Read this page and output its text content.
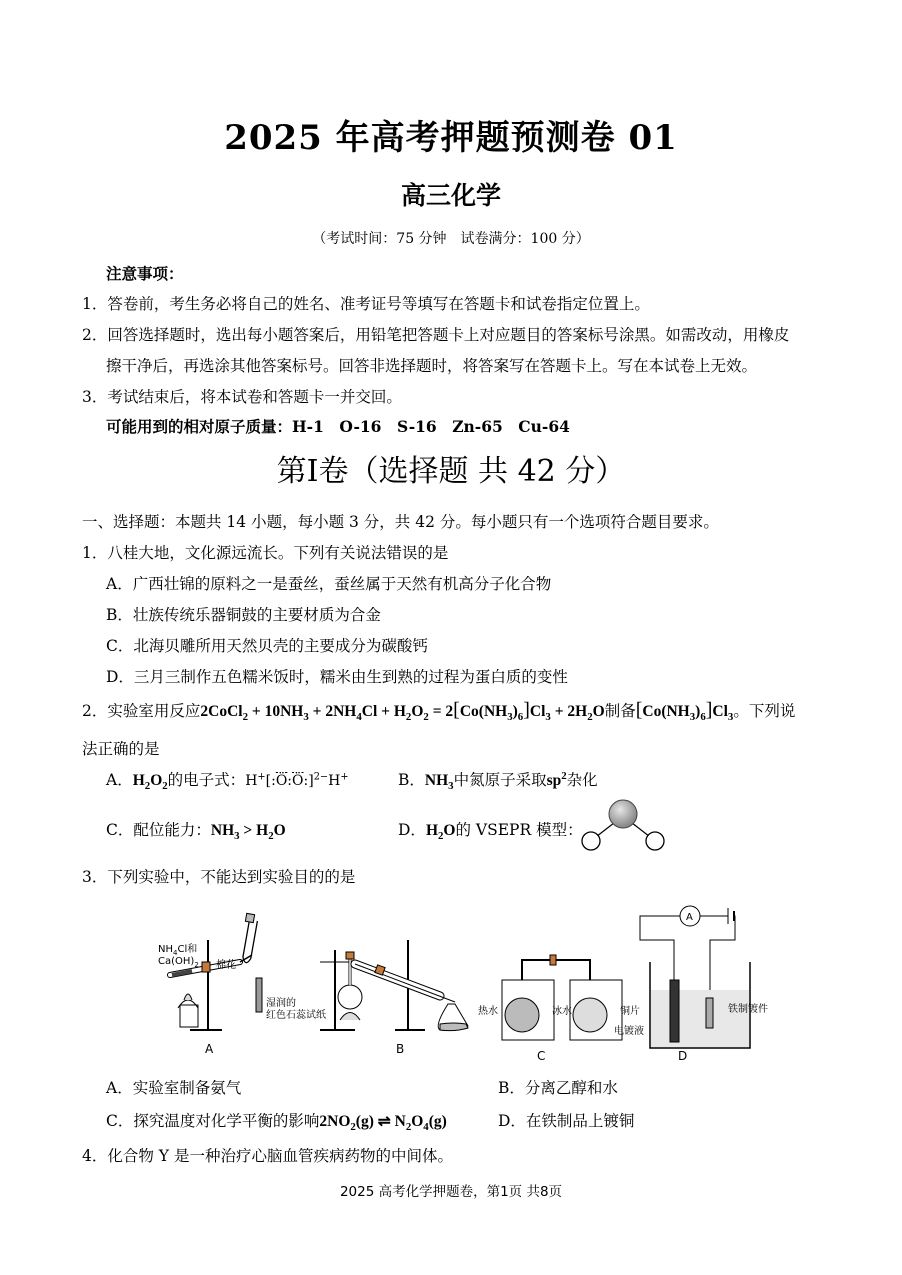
2025 年高考押题预测卷 01
高三化学
（考试时间：75 分钟　试卷满分：100 分）
注意事项：
1．答卷前，考生务必将自己的姓名、准考证号等填写在答题卡和试卷指定位置上。
2．回答选择题时，选出每小题答案后，用铅笔把答题卡上对应题目的答案标号涂黑。如需改动，用橡皮
擦干净后，再选涂其他答案标号。回答非选择题时，将答案写在答题卡上。写在本试卷上无效。
3．考试结束后，将本试卷和答题卡一并交回。
可能用到的相对原子质量：H-1　O-16　S-16　Zn-65　Cu-64
第I卷（选择题 共 42 分）
一、选择题：本题共 14 小题，每小题 3 分，共 42 分。每小题只有一个选项符合题目要求。
1．八桂大地，文化源远流长。下列有关说法错误的是
A．广西壮锦的原料之一是蚕丝，蚕丝属于天然有机高分子化合物
B．壮族传统乐器铜鼓的主要材质为合金
C．北海贝雕所用天然贝壳的主要成分为碳酸钙
D．三月三制作五色糯米饭时，糯米由生到熟的过程为蛋白质的变性
2．实验室用反应2CoCl$_2$ + $10NH_3 + 2NH_4Cl + H_2O_2 = 2[Co(NH_3)_6]Cl_3 + 2H_2O$制备$[Co(NH_3)_6]Cl_3$。下列说
法正确的是
A．$H_2O_2$的电子式：$H^+[:\overline{Ö}:\overline{Ö}:]^{2-}H^+$	B．$NH_3$中氮原子采取$sp^2$杂化
C．配位能力：$NH_3 > H_2O$	D．$H_2O$的 VSEPR 模型：
3．下列实验中，不能达到实验目的的是
$NH_4Cl$和
$Ca(OH)_2$ 棉花
湿润的
红色石蕊试纸
A	B
热水	冰水
C
A
铜片
电镀液
铁制镀件
D
A．实验室制备氨气	B．分离乙醇和水
C．探究温度对化学平衡的影响$2NO_2(g)$ ⇌ $N_2O_4(g)$	D．在铁制品上镀铜
4．化合物 Y 是一种治疗心脑血管疾病药物的中间体。
2025 高考化学押题卷，第1页 共8页
